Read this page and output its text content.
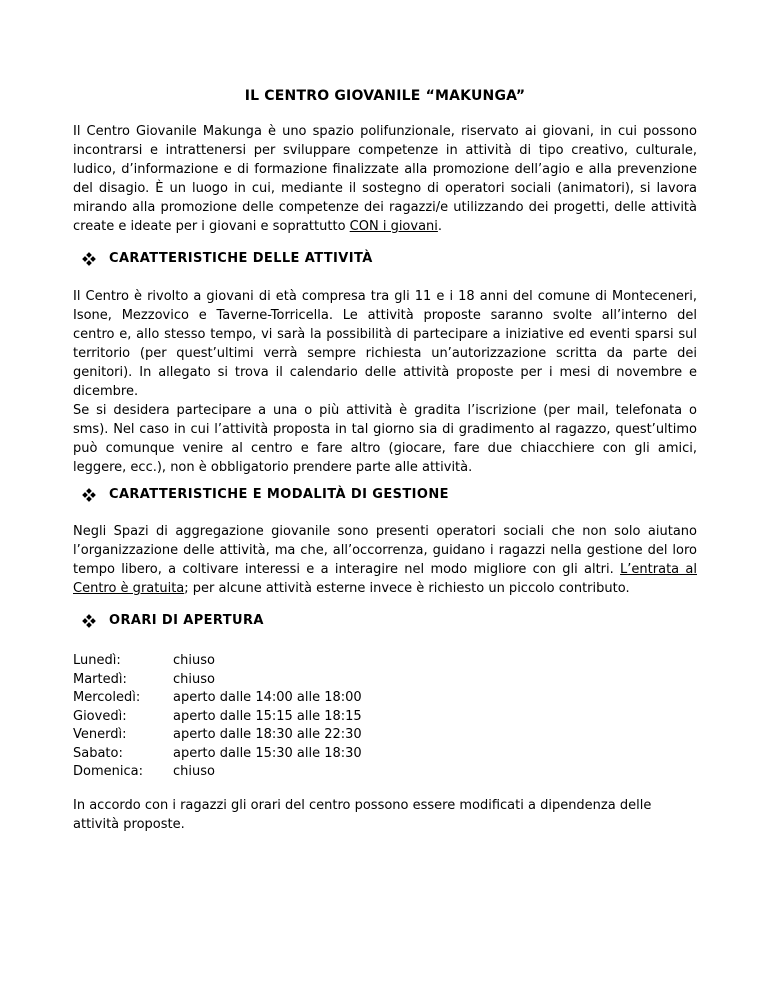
IL CENTRO GIOVANILE “MAKUNGA”
Il Centro Giovanile Makunga è uno spazio polifunzionale, riservato ai giovani, in cui possono
incontrarsi e intrattenersi per sviluppare competenze in attività di tipo creativo, culturale,
ludico, d’informazione e di formazione finalizzate alla promozione dell’agio e alla prevenzione
del disagio. È un luogo in cui, mediante il sostegno di operatori sociali (animatori), si lavora
mirando alla promozione delle competenze dei ragazzi/e utilizzando dei progetti, delle attività
create e ideate per i giovani e soprattutto CON i giovani.
CARATTERISTICHE DELLE ATTIVITÀ
Il Centro è rivolto a giovani di età compresa tra gli 11 e i 18 anni del comune di Monteceneri,
Isone, Mezzovico e Taverne-Torricella. Le attività proposte saranno svolte all’interno del
centro e, allo stesso tempo, vi sarà la possibilità di partecipare a iniziative ed eventi sparsi sul
territorio (per quest’ultimi verrà sempre richiesta un’autorizzazione scritta da parte dei
genitori). In allegato si trova il calendario delle attività proposte per i mesi di novembre e
dicembre.
Se si desidera partecipare a una o più attività è gradita l’iscrizione (per mail, telefonata o
sms). Nel caso in cui l’attività proposta in tal giorno sia di gradimento al ragazzo, quest’ultimo
può comunque venire al centro e fare altro (giocare, fare due chiacchiere con gli amici,
leggere, ecc.), non è obbligatorio prendere parte alle attività.
CARATTERISTICHE E MODALITÀ DI GESTIONE
Negli Spazi di aggregazione giovanile sono presenti operatori sociali che non solo aiutano
l’organizzazione delle attività, ma che, all’occorrenza, guidano i ragazzi nella gestione del loro
tempo libero, a coltivare interessi e a interagire nel modo migliore con gli altri. L’entrata al
Centro è gratuita; per alcune attività esterne invece è richiesto un piccolo contributo.
ORARI DI APERTURA
Lunedì:	chiuso
Martedì:	chiuso
Mercoledì:	aperto dalle 14:00 alle 18:00
Giovedì:	aperto dalle 15:15 alle 18:15
Venerdì:	aperto dalle 18:30 alle 22:30
Sabato:	aperto dalle 15:30 alle 18:30
Domenica:	chiuso
In accordo con i ragazzi gli orari del centro possono essere modificati a dipendenza delle
attività proposte.
